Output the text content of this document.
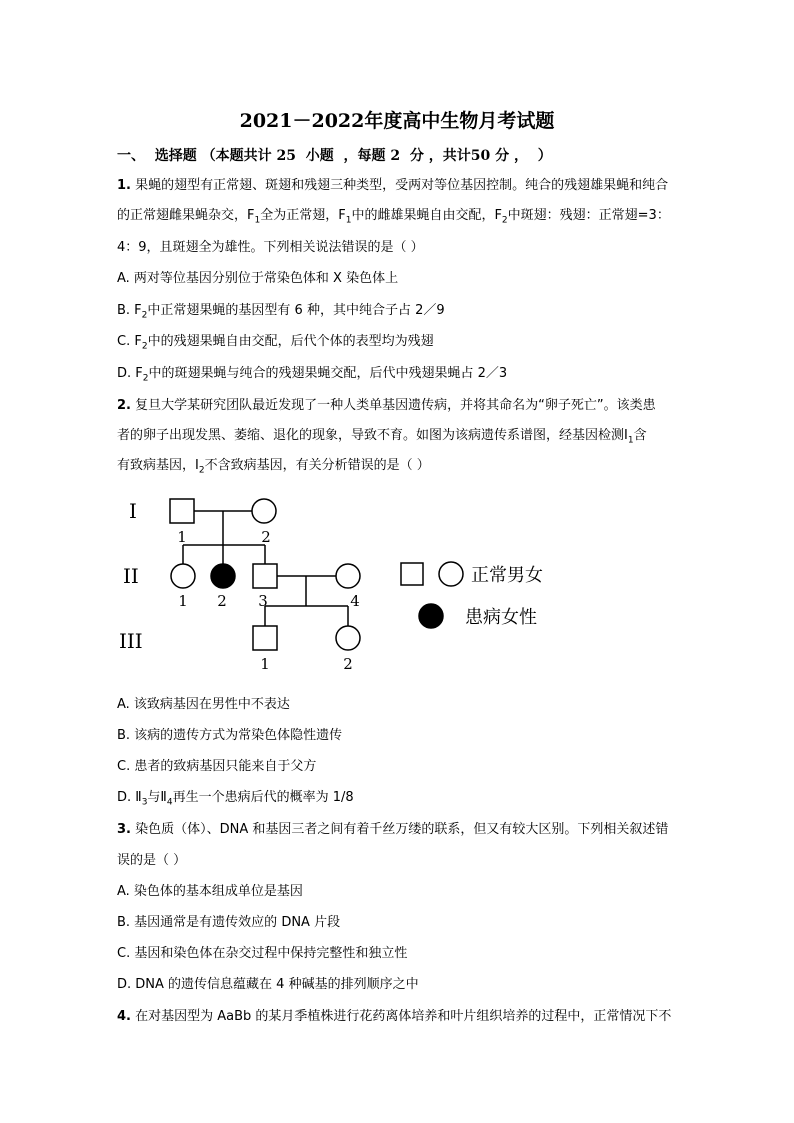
2021－2022年度高中生物月考试题
一、  选择题 （本题共计 25  小题  ，每题 2  分 ，共计50 分 ，  ）
1. 果蝇的翅型有正常翅、斑翅和残翅三种类型，受两对等位基因控制。纯合的残翅雄果蝇和纯合
的正常翅雌果蝇杂交，$F_1$全为正常翅，$F_1$中的雌雄果蝇自由交配，$F_2$中斑翅：残翅：正常翅=3：
4：9，且斑翅全为雄性。下列相关说法错误的是（ ）
A. 两对等位基因分别位于常染色体和 X 染色体上
B. $F_2$中正常翅果蝇的基因型有 6 种，其中纯合子占 2／9
C. $F_2$中的残翅果蝇自由交配，后代个体的表型均为残翅
D. $F_2$中的斑翅果蝇与纯合的残翅果蝇交配，后代中残翅果蝇占 2／3
2. 复旦大学某研究团队最近发现了一种人类单基因遗传病，并将其命名为“卵子死亡”。该类患
者的卵子出现发黑、萎缩、退化的现象，导致不育。如图为该病遗传系谱图，经基因检测$Ⅰ_1$含
有致病基因，$Ⅰ_2$不含致病基因，有关分析错误的是（ ）
I
II
III
1	2
1 2 3	4
1	2
正常男女
患病女性
A. 该致病基因在男性中不表达
B. 该病的遗传方式为常染色体隐性遗传
C. 患者的致病基因只能来自于父方
D. $Ⅱ_3$与$Ⅱ_4$再生一个患病后代的概率为 1/8
3. 染色质（体）、DNA 和基因三者之间有着千丝万缕的联系，但又有较大区别。下列相关叙述错
误的是（ ）
A. 染色体的基本组成单位是基因
B. 基因通常是有遗传效应的 DNA 片段
C. 基因和染色体在杂交过程中保持完整性和独立性
D. DNA 的遗传信息蕴藏在 4 种碱基的排列顺序之中
4. 在对基因型为 AaBb 的某月季植株进行花药离体培养和叶片组织培养的过程中，正常情况下不
